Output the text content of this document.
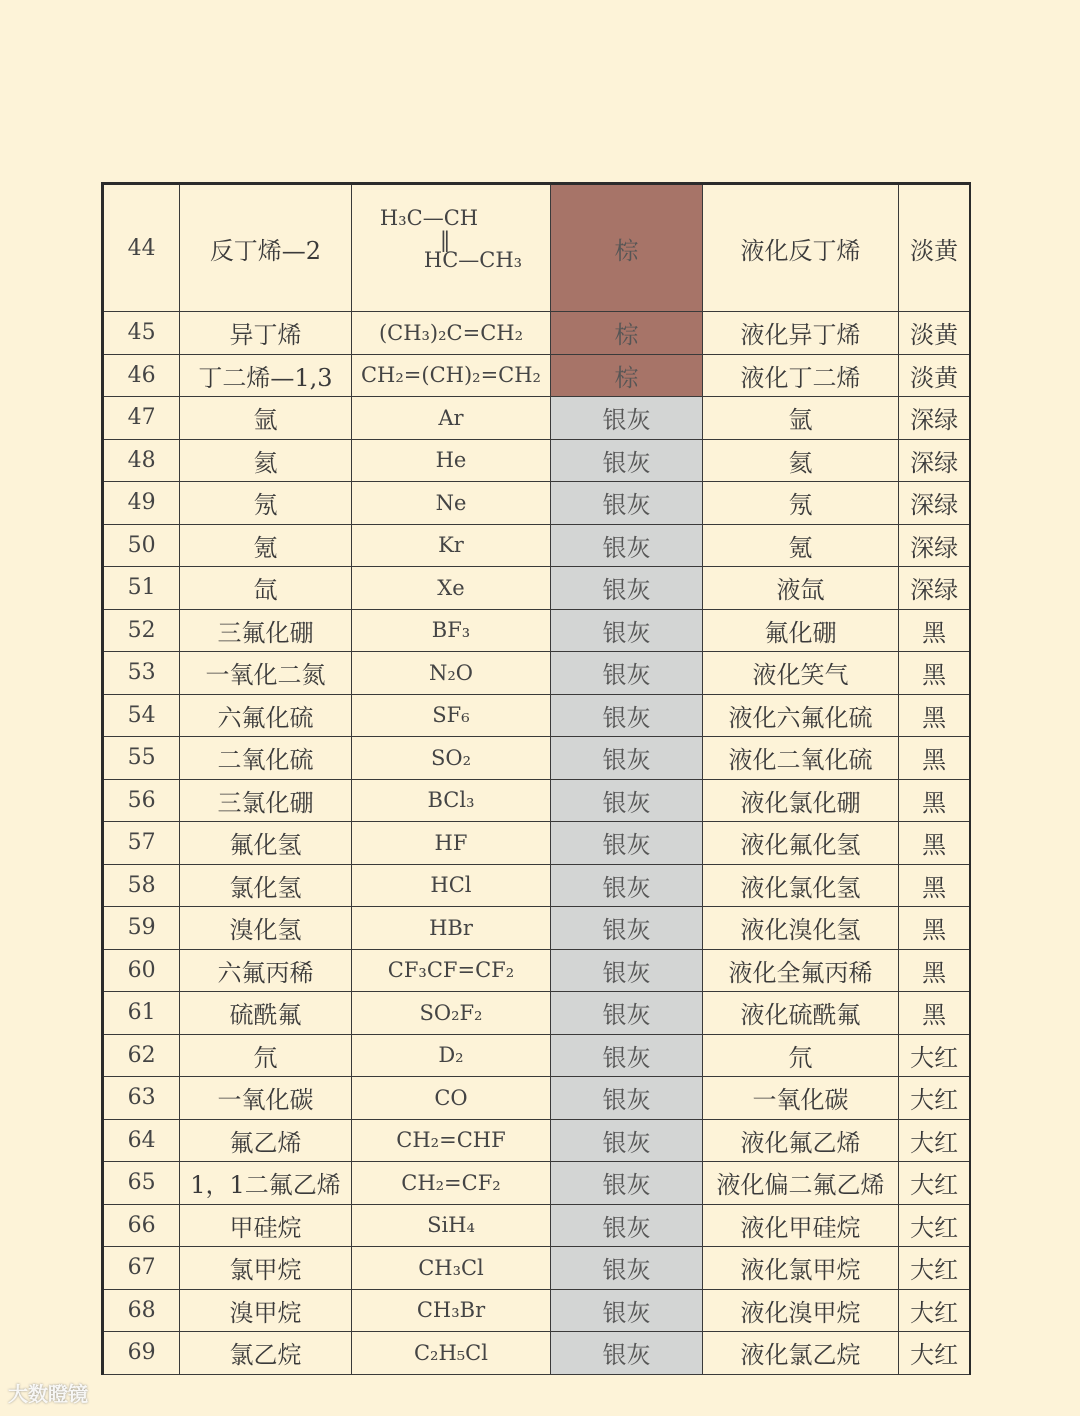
44	反丁烯—2	H₃C—CH
‖
HC—CH₃	棕	液化反丁烯	淡黄
45	异丁烯	(CH₃)₂C=CH₂	棕	液化异丁烯	淡黄
46	丁二烯—1,3	CH₂=(CH)₂=CH₂	棕	液化丁二烯	淡黄
47	氩	Ar	银灰	氩	深绿
48	氦	He	银灰	氦	深绿
49	氖	Ne	银灰	氖	深绿
50	氪	Kr	银灰	氪	深绿
51	氙	Xe	银灰	液氙	深绿
52	三氟化硼	BF₃	银灰	氟化硼	黑
53	一氧化二氮	N₂O	银灰	液化笑气	黑
54	六氟化硫	SF₆	银灰	液化六氟化硫	黑
55	二氧化硫	SO₂	银灰	液化二氧化硫	黑
56	三氯化硼	BCl₃	银灰	液化氯化硼	黑
57	氟化氢	HF	银灰	液化氟化氢	黑
58	氯化氢	HCl	银灰	液化氯化氢	黑
59	溴化氢	HBr	银灰	液化溴化氢	黑
60	六氟丙稀	CF₃CF=CF₂	银灰	液化全氟丙稀	黑
61	硫酰氟	SO₂F₂	银灰	液化硫酰氟	黑
62	氘	D₂	银灰	氘	大红
63	一氧化碳	CO	银灰	一氧化碳	大红
64	氟乙烯	CH₂=CHF	银灰	液化氟乙烯	大红
65	1，1二氟乙烯	CH₂=CF₂	银灰	液化偏二氟乙烯	大红
66	甲硅烷	SiH₄	银灰	液化甲硅烷	大红
67	氯甲烷	CH₃Cl	银灰	液化氯甲烷	大红
68	溴甲烷	CH₃Br	银灰	液化溴甲烷	大红
69	氯乙烷	C₂H₅Cl	银灰	液化氯乙烷	大红
大数瞪镜
